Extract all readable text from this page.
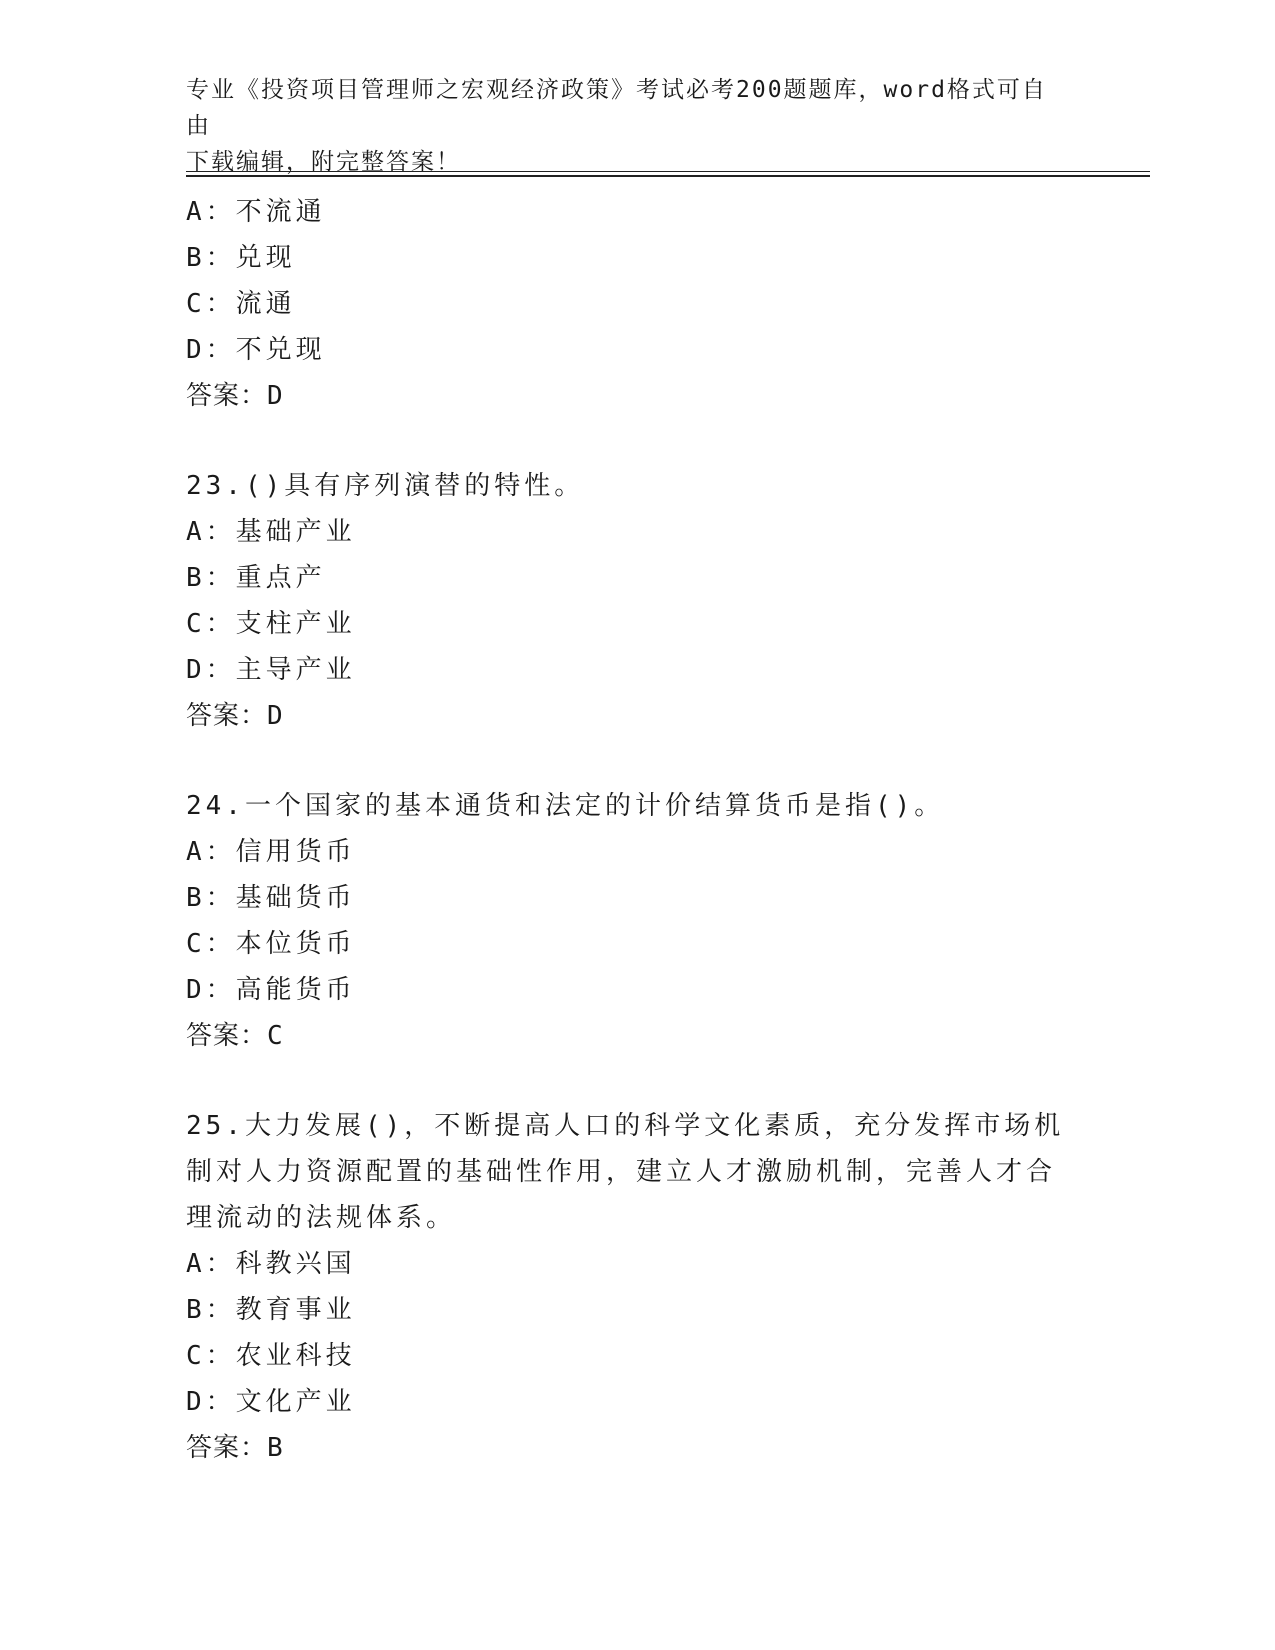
专业《投资项目管理师之宏观经济政策》考试必考200题题库，word格式可自由
下载编辑，附完整答案！
A：不流通
B：兑现
C：流通
D：不兑现
答案：D
23.()具有序列演替的特性。
A：基础产业
B：重点产
C：支柱产业
D：主导产业
答案：D
24.一个国家的基本通货和法定的计价结算货币是指()。
A：信用货币
B：基础货币
C：本位货币
D：高能货币
答案：C
25.大力发展()，不断提高人口的科学文化素质，充分发挥市场机制对人力资源配置的基础性作用，建立人才激励机制，完善人才合理流动的法规体系。
A：科教兴国
B：教育事业
C：农业科技
D：文化产业
答案：B
